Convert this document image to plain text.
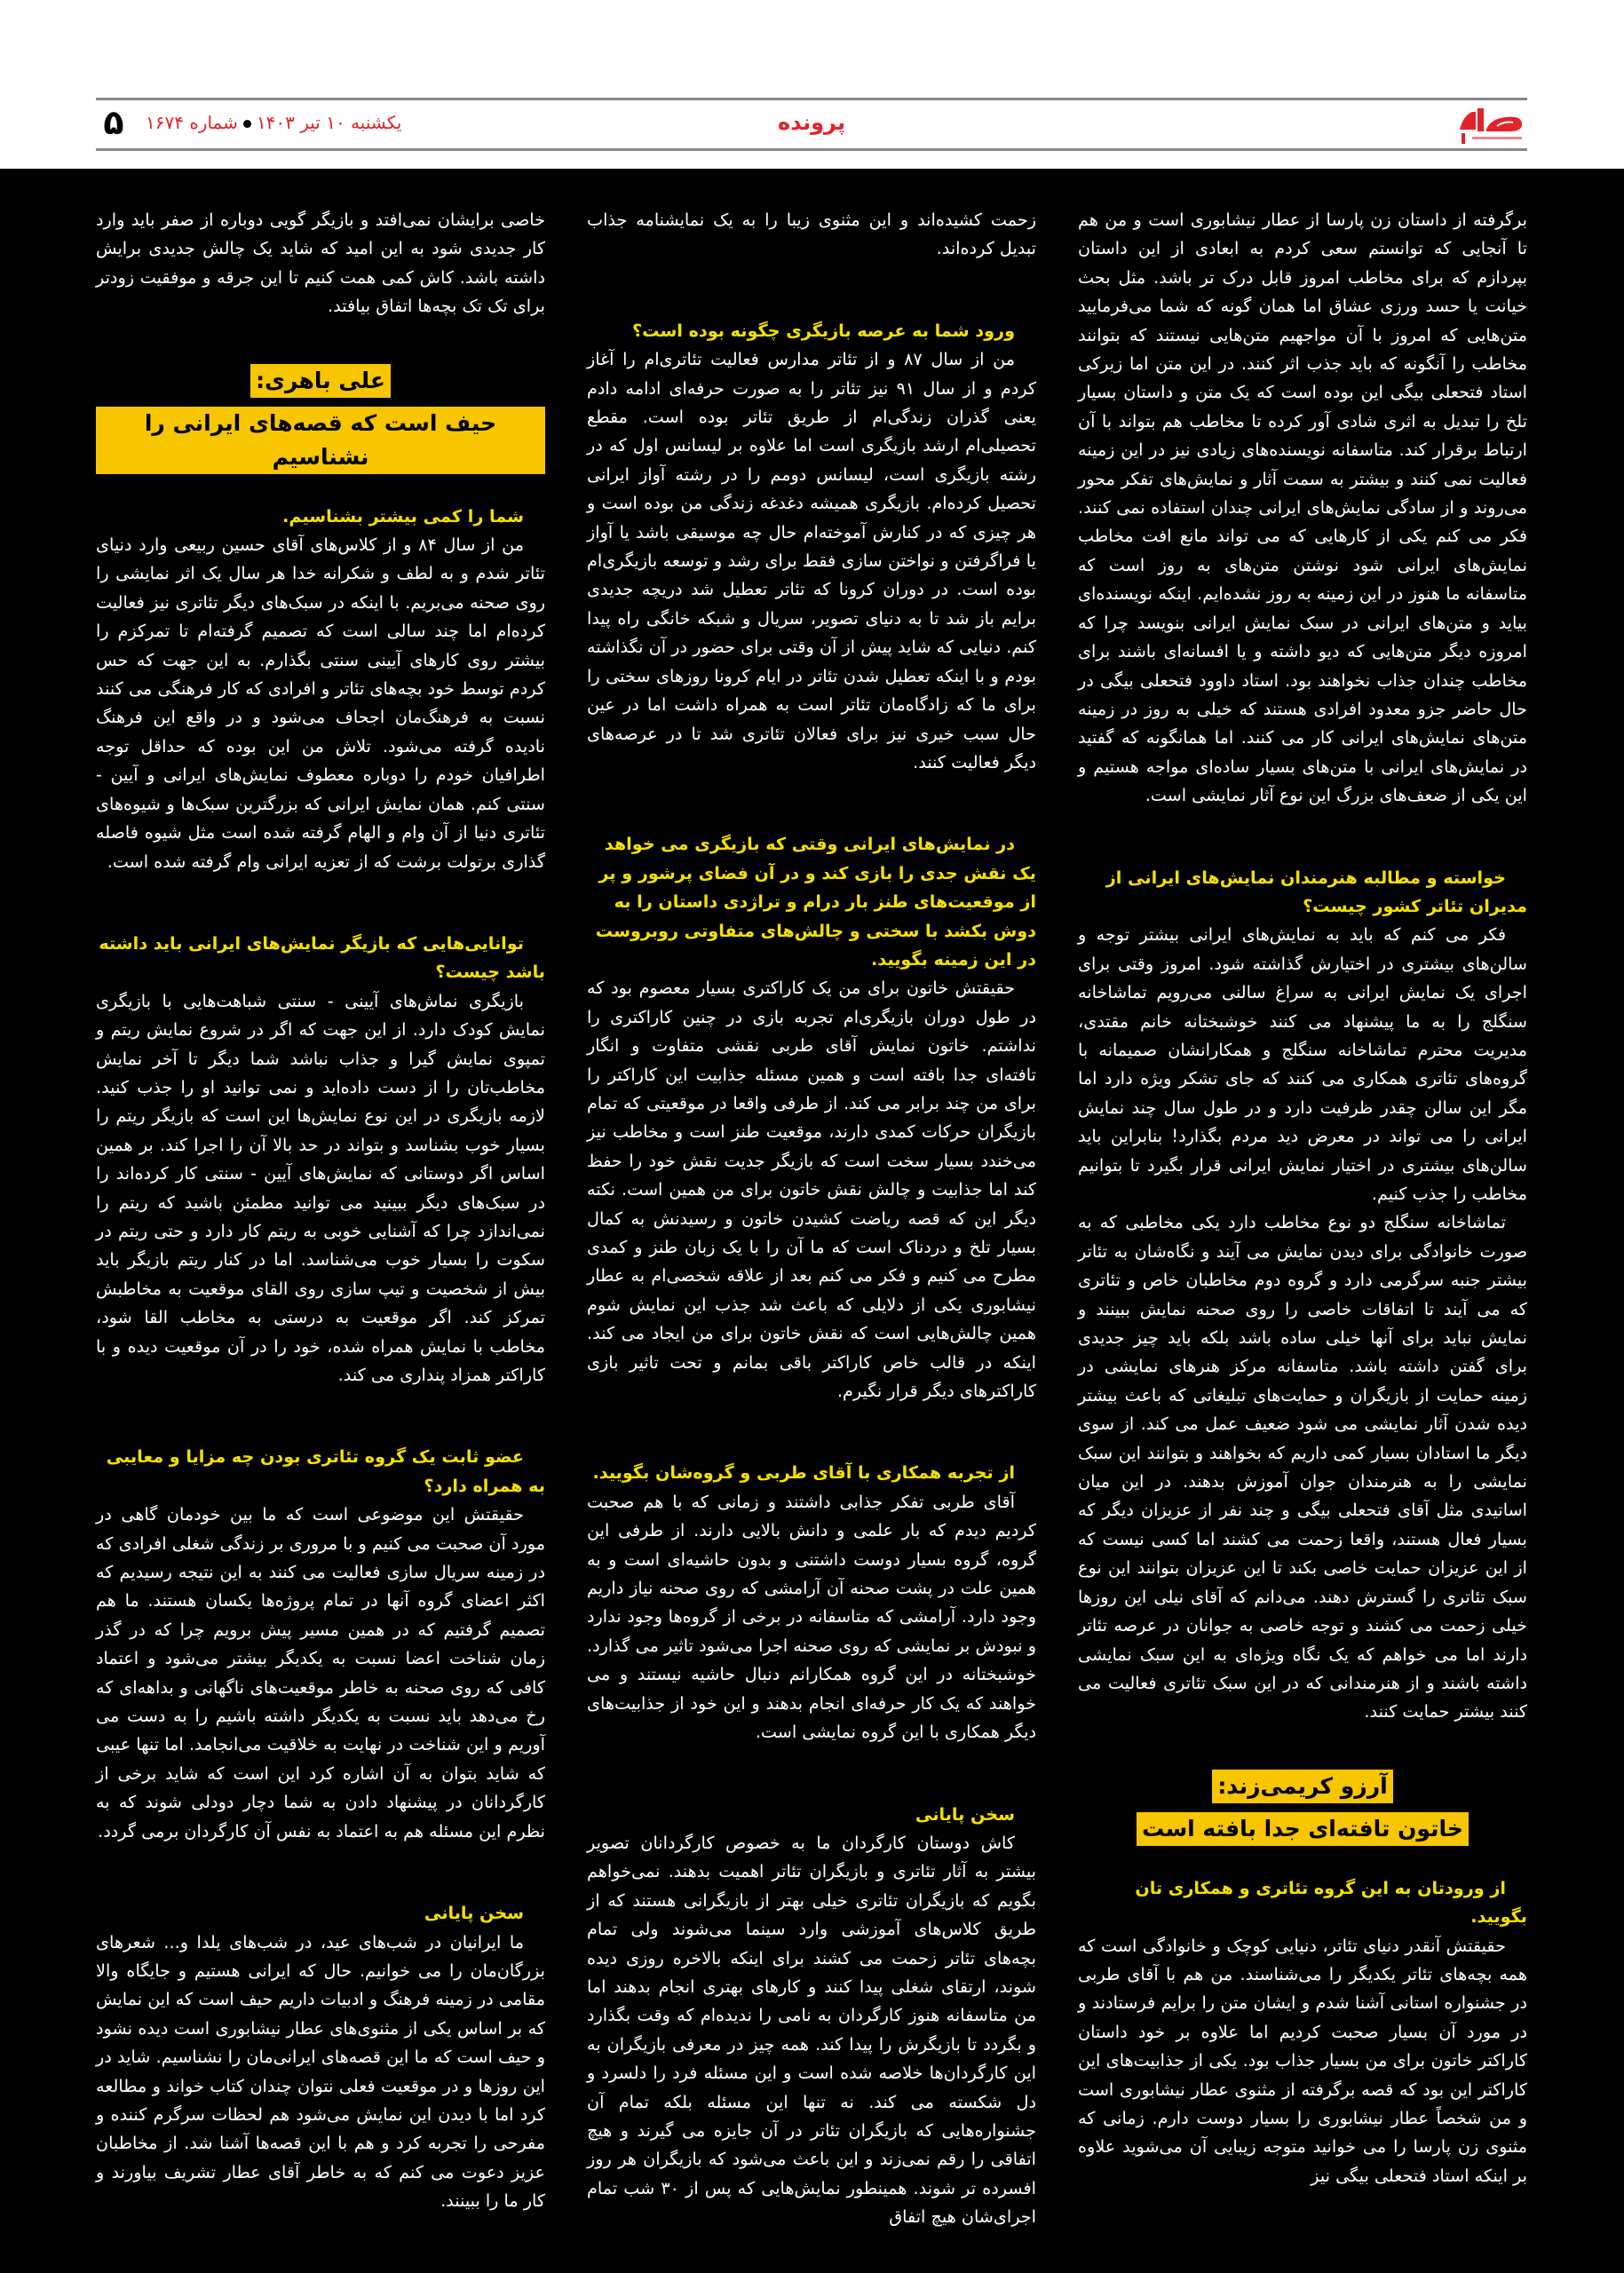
پرونده
یکشنبه ۱۰ تیر ۱۴۰۳شماره ۱۶۷۴
۵

برگرفته از داستان زن پارسا از عطار نیشابوری است و من هم تا آنجایی که توانستم سعی کردم به ابعادی از این داستان بپردازم که برای مخاطب امروز قابل درک تر باشد. مثل بحث خیانت یا حسد ورزی عشاق اما همان گونه که شما می‌فرمایید متن‌هایی که امروز با آن مواجهیم متن‌هایی نیستند که بتوانند مخاطب را آنگونه که باید جذب اثر کنند. در این متن اما زیرکی استاد فتحعلی بیگی این بوده است که یک متن و داستان بسیار تلخ را تبدیل به اثری شادی آور کرده تا مخاطب هم بتواند با آن ارتباط برقرار کند. متاسفانه نویسنده‌های زیادی نیز در این زمینه فعالیت نمی کنند و بیشتر به سمت آثار و نمایش‌های تفکر محور می‌روند و از سادگی نمایش‌های ایرانی چندان استفاده نمی کنند. فکر می کنم یکی از کارهایی که می تواند مانع افت مخاطب نمایش‌های ایرانی شود نوشتن متن‌های به روز است که متاسفانه ما هنوز در این زمینه به روز نشده‌ایم. اینکه نویسنده‌ای بیاید و متن‌های ایرانی در سبک نمایش ایرانی بنویسد چرا که امروزه دیگر متن‌هایی که دیو داشته و یا افسانه‌ای باشند برای مخاطب چندان جذاب نخواهند بود. استاد داوود فتحعلی بیگی در حال حاضر جزو معدود افرادی هستند که خیلی به روز در زمینه متن‌های نمایش‌های ایرانی کار می کنند. اما همانگونه که گفتید در نمایش‌های ایرانی با متن‌های بسیار ساده‌ای مواجه هستیم و این یکی از ضعف‌های بزرگ این نوع آثار نمایشی است.

خواسته و مطالبه هنرمندان نمایش‌های ایرانی از مدیران تئاتر کشور چیست؟

فکر می کنم که باید به نمایش‌های ایرانی بیشتر توجه و سالن‌های بیشتری در اختیارش گذاشته شود. امروز وقتی برای اجرای یک نمایش ایرانی به سراغ سالنی می‌رویم تماشاخانه سنگلج را به ما پیشنهاد می کنند خوشبختانه خانم مقتدی، مدیریت محترم تماشاخانه سنگلج و همکارانشان صمیمانه با گروه‌های تئاتری همکاری می کنند که جای تشکر ویژه دارد اما مگر این سالن چقدر ظرفیت دارد و در طول سال چند نمایش ایرانی را می تواند در معرض دید مردم بگذارد! بنابراین باید سالن‌های بیشتری در اختیار نمایش ایرانی قرار بگیرد تا بتوانیم مخاطب را جذب کنیم.

تماشاخانه سنگلج دو نوع مخاطب دارد یکی مخاطبی که به صورت خانوادگی برای دیدن نمایش می آیند و نگاه‌شان به تئاتر بیشتر جنبه سرگرمی دارد و گروه دوم مخاطبان خاص و تئاتری که می آیند تا اتفاقات خاصی را روی صحنه نمایش ببینند و نمایش نباید برای آنها خیلی ساده باشد بلکه باید چیز جدیدی برای گفتن داشته باشد. متاسفانه مرکز هنرهای نمایشی در زمینه حمایت از بازیگران و حمایت‌های تبلیغاتی که باعث بیشتر دیده شدن آثار نمایشی می شود ضعیف عمل می کند. از سوی دیگر ما استادان بسیار کمی داریم که بخواهند و بتوانند این سبک نمایشی را به هنرمندان جوان آموزش بدهند. در این میان اساتیدی مثل آقای فتحعلی بیگی و چند نفر از عزیزان دیگر که بسیار فعال هستند، واقعا زحمت می کشند اما کسی نیست که از این عزیزان حمایت خاصی بکند تا این عزیزان بتوانند این نوع سبک تئاتری را گسترش دهند. می‌دانم که آقای نیلی این روزها خیلی زحمت می کشند و توجه خاصی به جوانان در عرصه تئاتر دارند اما می خواهم که یک نگاه ویژه‌ای به این سبک نمایشی داشته باشند و از هنرمندانی که در این سبک تئاتری فعالیت می کنند بیشتر حمایت کنند.

آرزو کریمی‌زند:
خاتون تافته‌ای جدا بافته است
از ورودتان به این گروه تئاتری و همکاری تان بگویید.

حقیقتش آنقدر دنیای تئاتر، دنیایی کوچک و خانوادگی است که همه بچه‌های تئاتر یکدیگر را می‌شناسند. من هم با آقای طربی در جشنواره استانی آشنا شدم و ایشان متن را برایم فرستادند و در مورد آن بسیار صحبت کردیم اما علاوه بر خود داستان کاراکتر خاتون برای من بسیار جذاب بود. یکی از جذابیت‌های این کاراکتر این بود که قصه برگرفته از مثنوی عطار نیشابوری است و من شخصاً عطار نیشابوری را بسیار دوست دارم. زمانی که مثنوی زن پارسا را می خوانید متوجه زیبایی آن می‌شوید علاوه بر اینکه استاد فتحعلی بیگی نیز

زحمت کشیده‌اند و این مثنوی زیبا را به یک نمایشنامه جذاب تبدیل کرده‌اند.

ورود شما به عرصه بازیگری چگونه بوده است؟

من از سال ۸۷ و از تئاتر مدارس فعالیت تئاتری‌ام را آغاز کردم و از سال ۹۱ نیز تئاتر را به صورت حرفه‌ای ادامه دادم یعنی گذران زندگی‌ام از طریق تئاتر بوده است. مقطع تحصیلی‌ام ارشد بازیگری است اما علاوه بر لیسانس اول که در رشته بازیگری است، لیسانس دومم را در رشته آواز ایرانی تحصیل کرده‌ام. بازیگری همیشه دغدغه زندگی من بوده است و هر چیزی که در کنارش آموخته‌ام حال چه موسیقی باشد یا آواز یا فراگرفتن و نواختن سازی فقط برای رشد و توسعه بازیگری‌ام بوده است. در دوران کرونا که تئاتر تعطیل شد دریچه جدیدی برایم باز شد تا به دنیای تصویر، سریال و شبکه خانگی راه پیدا کنم. دنیایی که شاید پیش از آن وقتی برای حضور در آن نگذاشته بودم و با اینکه تعطیل شدن تئاتر در ایام کرونا روزهای سختی را برای ما که زادگاه‌مان تئاتر است به همراه داشت اما در عین حال سبب خیری نیز برای فعالان تئاتری شد تا در عرصه‌های دیگر فعالیت کنند.

در نمایش‌های ایرانی وقتی که بازیگری می خواهد یک نقش جدی را بازی کند و در آن فضای پرشور و پر از موقعیت‌های طنز بار درام و تراژدی داستان را به دوش بکشد با سختی و چالش‌های متفاوتی روبروست در این زمینه بگویید.

حقیقتش خاتون برای من یک کاراکتری بسیار معصوم بود که در طول دوران بازیگری‌ام تجربه بازی در چنین کاراکتری را نداشتم. خاتون نمایش آقای طربی نقشی متفاوت و انگار تافته‌ای جدا بافته است و همین مسئله جذابیت این کاراکتر را برای من چند برابر می کند. از طرفی واقعا در موقعیتی که تمام بازیگران حرکات کمدی دارند، موقعیت طنز است و مخاطب نیز می‌خندد بسیار سخت است که بازیگر جدیت نقش خود را حفظ کند اما جذابیت و چالش نقش خاتون برای من همین است. نکته دیگر این که قصه ریاضت کشیدن خاتون و رسیدنش به کمال بسیار تلخ و دردناک است که ما آن را با یک زبان طنز و کمدی مطرح می کنیم و فکر می کنم بعد از علاقه شخصی‌ام به عطار نیشابوری یکی از دلایلی که باعث شد جذب این نمایش شوم همین چالش‌هایی است که نقش خاتون برای من ایجاد می کند. اینکه در قالب خاص کاراکتر باقی بمانم و تحت تاثیر بازی کاراکترهای دیگر قرار نگیرم.

از تجربه همکاری با آقای طربی و گروه‌شان بگویید.

آقای طربی تفکر جذابی داشتند و زمانی که با هم صحبت کردیم دیدم که بار علمی و دانش بالایی دارند. از طرفی این گروه، گروه بسیار دوست داشتنی و بدون حاشیه‌ای است و به همین علت در پشت صحنه آن آرامشی که روی صحنه نیاز داریم وجود دارد. آرامشی که متاسفانه در برخی از گروه‌ها وجود ندارد و نبودش بر نمایشی که روی صحنه اجرا می‌شود تاثیر می گذارد. خوشبختانه در این گروه همکارانم دنبال حاشیه نیستند و می خواهند که یک کار حرفه‌ای انجام بدهند و این خود از جذابیت‌های دیگر همکاری با این گروه نمایشی است.

سخن پایانی

کاش دوستان کارگردان ما به خصوص کارگردانان تصویر بیشتر به آثار تئاتری و بازیگران تئاتر اهمیت بدهند. نمی‌خواهم بگویم که بازیگران تئاتری خیلی بهتر از بازیگرانی هستند که از طریق کلاس‌های آموزشی وارد سینما می‌شوند ولی تمام بچه‌های تئاتر زحمت می کشند برای اینکه بالاخره روزی دیده شوند، ارتقای شغلی پیدا کنند و کارهای بهتری انجام بدهند اما من متاسفانه هنوز کارگردان به نامی را ندیده‌ام که وقت بگذارد و بگردد تا بازیگرش را پیدا کند. همه چیز در معرفی بازیگران به این کارگردان‌ها خلاصه شده است و این مسئله فرد را دلسرد و دل شکسته می کند. نه تنها این مسئله بلکه تمام آن جشنواره‌هایی که بازیگران تئاتر در آن جایزه می گیرند و هیچ اتفاقی را رقم نمی‌زند و این باعث می‌شود که بازیگران هر روز افسرده تر شوند. همینطور نمایش‌هایی که پس از ۳۰ شب تمام اجرای‌شان هیچ اتفاق

خاصی برایشان نمی‌افتد و بازیگر گویی دوباره از صفر باید وارد کار جدیدی شود به این امید که شاید یک چالش جدیدی برایش داشته باشد. کاش کمی همت کنیم تا این جرقه و موفقیت زودتر برای تک تک بچه‌ها اتفاق بیافتد.

علی باهری:
حیف است که قصه‌های ایرانی را نشناسیم
شما را کمی بیشتر بشناسیم.

من از سال ۸۴ و از کلاس‌های آقای حسین ربیعی وارد دنیای تئاتر شدم و به لطف و شکرانه خدا هر سال یک اثر نمایشی را روی صحنه می‌بریم. با اینکه در سبک‌های دیگر تئاتری نیز فعالیت کرده‌ام اما چند سالی است که تصمیم گرفته‌ام تا تمرکزم را بیشتر روی کارهای آیینی سنتی بگذارم. به این جهت که حس کردم توسط خود بچه‌های تئاتر و افرادی که کار فرهنگی می کنند نسبت به فرهنگ‌مان اجحاف می‌شود و در واقع این فرهنگ نادیده گرفته می‌شود. تلاش من این بوده که حداقل توجه اطرافیان خودم را دوباره معطوف نمایش‌های ایرانی و آیین - سنتی کنم. همان نمایش ایرانی که بزرگترین سبک‌ها و شیوه‌های تئاتری دنیا از آن وام و الهام گرفته شده است مثل شیوه فاصله گذاری برتولت برشت که از تعزیه ایرانی وام گرفته شده است.

توانایی‌هایی که بازیگر نمایش‌های ایرانی باید داشته باشد چیست؟

بازیگری نماش‌های آیینی - سنتی شباهت‌هایی با بازیگری نمایش کودک دارد. از این جهت که اگر در شروع نمایش ریتم و تمپوی نمایش گیرا و جذاب نباشد شما دیگر تا آخر نمایش مخاطب‌تان را از دست داده‌اید و نمی توانید او را جذب کنید. لازمه بازیگری در این نوع نمایش‌ها این است که بازیگر ریتم را بسیار خوب بشناسد و بتواند در حد بالا آن را اجرا کند. بر همین اساس اگر دوستانی که نمایش‌های آیین - سنتی کار کرده‌اند را در سبک‌های دیگر ببینید می توانید مطمئن باشید که ریتم را نمی‌اندازد چرا که آشنایی خوبی به ریتم کار دارد و حتی ریتم در سکوت را بسیار خوب می‌شناسد. اما در کنار ریتم بازیگر باید بیش از شخصیت و تیپ سازی روی القای موقعیت به مخاطبش تمرکز کند. اگر موقعیت به درستی به مخاطب القا شود، مخاطب با نمایش همراه شده، خود را در آن موقعیت دیده و با کاراکتر همزاد پنداری می کند.

عضو ثابت یک گروه تئاتری بودن چه مزایا و معایبی به همراه دارد؟

حقیقتش این موضوعی است که ما بین خودمان گاهی در مورد آن صحبت می کنیم و با مروری بر زندگی شغلی افرادی که در زمینه سریال سازی فعالیت می کنند به این نتیجه رسیدیم که اکثر اعضای گروه آنها در تمام پروژه‌ها یکسان هستند. ما هم تصمیم گرفتیم که در همین مسیر پیش برویم چرا که در گذر زمان شناخت اعضا نسبت به یکدیگر بیشتر می‌شود و اعتماد کافی که روی صحنه به خاطر موقعیت‌های ناگهانی و بداهه‌ای که رخ می‌دهد باید نسبت به یکدیگر داشته باشیم را به دست می آوریم و این شناخت در نهایت به خلاقیت می‌انجامد. اما تنها عیبی که شاید بتوان به آن اشاره کرد این است که شاید برخی از کارگردانان در پیشنهاد دادن به شما دچار دودلی شوند که به نظرم این مسئله هم به اعتماد به نفس آن کارگردان برمی گردد.

سخن پایانی

ما ایرانیان در شب‌های عید، در شب‌های یلدا و... شعرهای بزرگان‌مان را می خوانیم. حال که ایرانی هستیم و جایگاه والا مقامی در زمینه فرهنگ و ادبیات داریم حیف است که این نمایش که بر اساس یکی از مثنوی‌های عطار نیشابوری است دیده نشود و حیف است که ما این قصه‌های ایرانی‌مان را نشناسیم. شاید در این روزها و در موقعیت فعلی نتوان چندان کتاب خواند و مطالعه کرد اما با دیدن این نمایش می‌شود هم لحظات سرگرم کننده و مفرحی را تجربه کرد و هم با این قصه‌ها آشنا شد. از مخاطبان عزیز دعوت می کنم که به خاطر آقای عطار تشریف بیاورند و کار ما را ببینند.
